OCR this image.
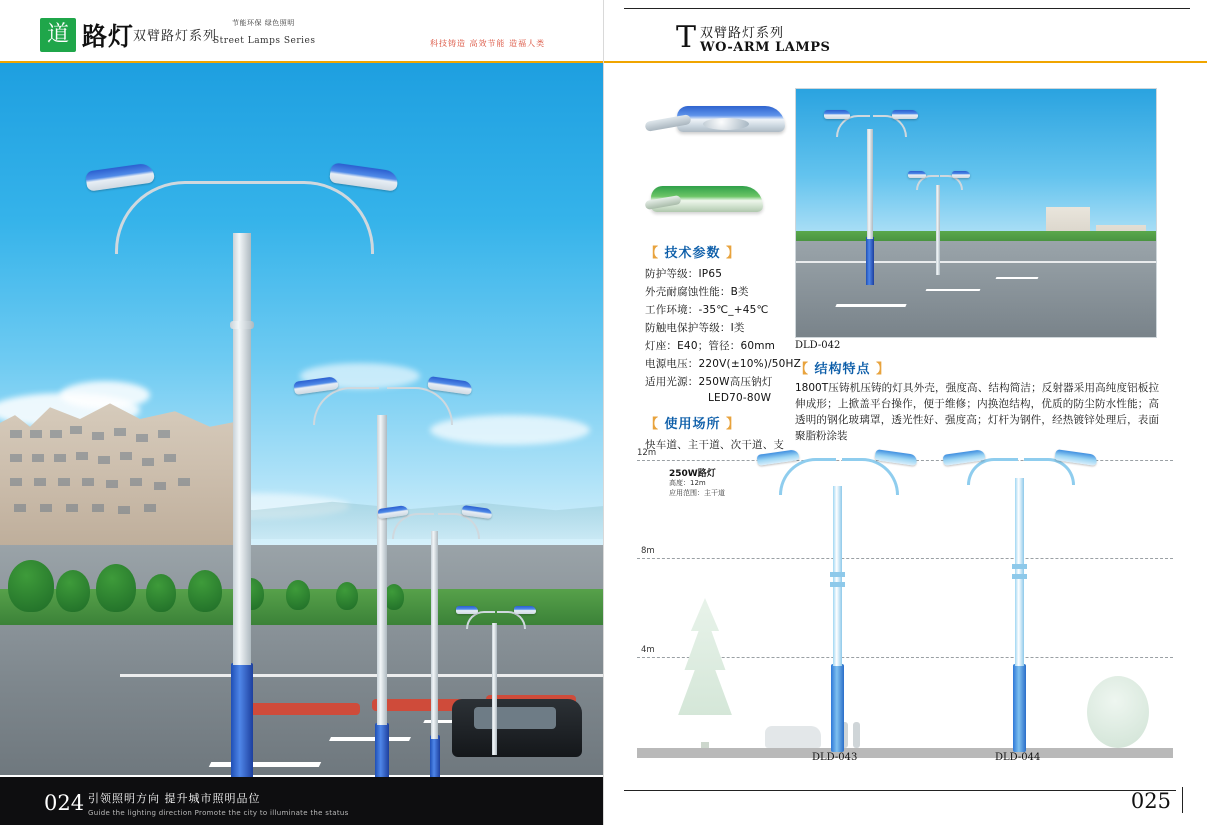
道 路灯
双臂路灯系列
节能环保 绿色照明
Street Lamps Series	科技铸造 高效节能 造福人类
024 引领照明方向 提升城市照明品位
Guide the lighting direction Promote the city to illuminate the status
T 双臂路灯系列
WO-ARM LAMPS
【 技术参数 】
防护等级：IP65
外壳耐腐蚀性能：B类
工作环境：-35℃_+45℃
防触电保护等级：Ⅰ类
灯座：E40；管径：60mm
电源电压：220V(±10%)/50HZ
适用光源：250W高压钠灯
LED70-80W
【 使用场所 】
快车道、主干道、次干道、支
DLD-042
【 结构特点 】
1800T压铸机压铸的灯具外壳，强度高、结构简洁；反射器采用高纯度铝板拉伸成形；上掀盖平台操作，便于维修；内换泡结构，优质的防尘防水性能；高透明的钢化玻璃罩，透光性好、强度高；灯杆为钢件，经热镀锌处理后，表面聚脂粉涂装
12m
8m
4m
250W路灯
高度：12m
应用范围：主干道
DLD-043	DLD-044
025
